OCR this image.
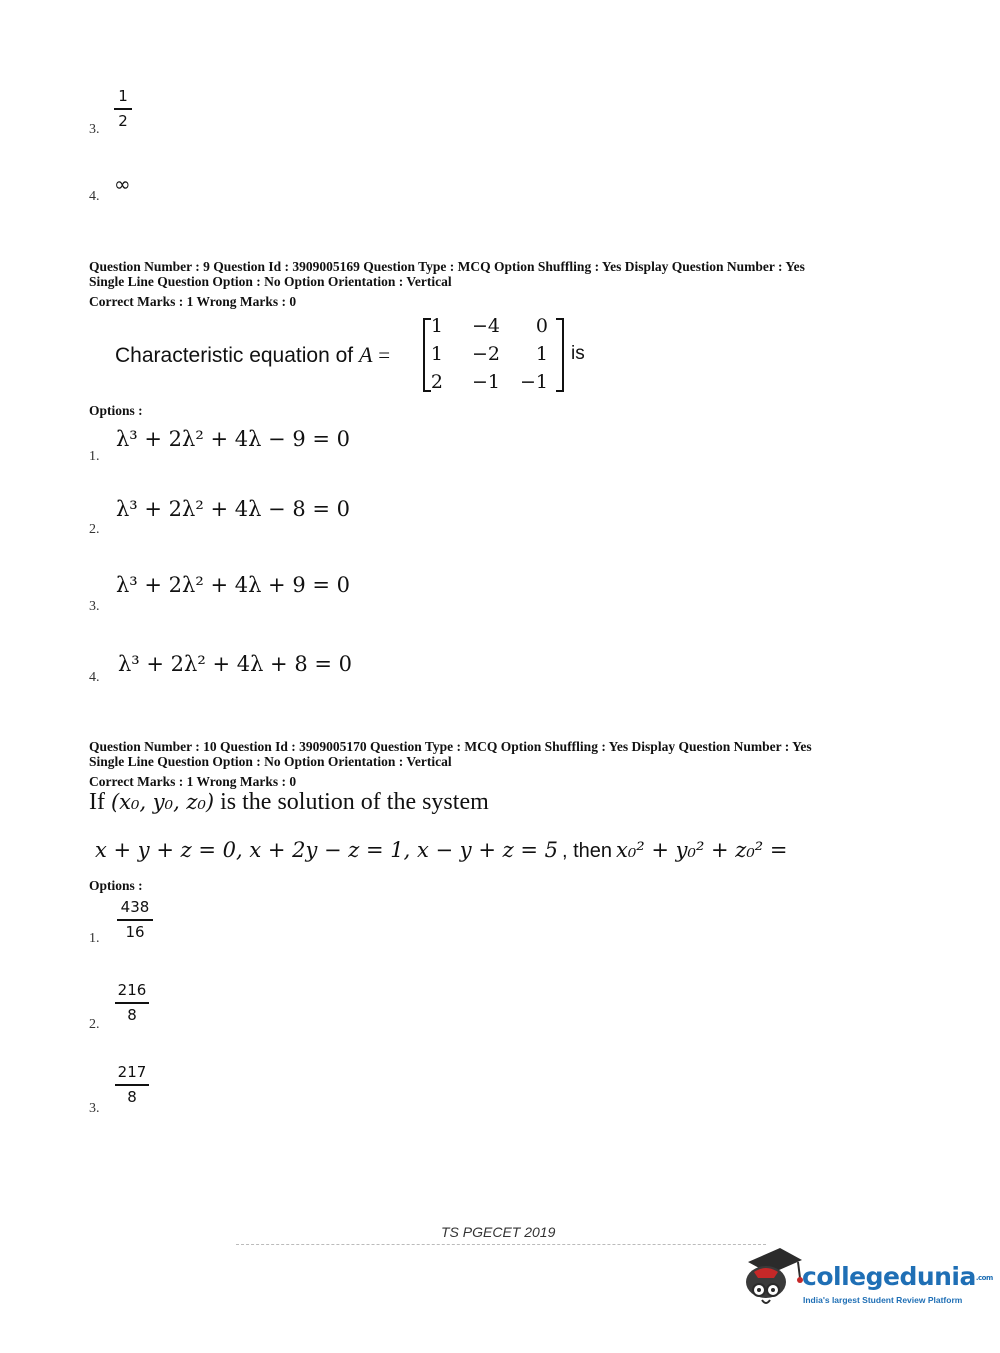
1
2
3.
∞
4.
Question Number : 9 Question Id : 3909005169 Question Type : MCQ Option Shuffling : Yes Display Question Number : Yes
Single Line Question Option : No Option Orientation : Vertical
Correct Marks : 1 Wrong Marks : 0
Characteristic equation of A =
1	−4	0
1	−2	1
2	−1	−1
is
Options :
λ³ + 2λ² + 4λ − 9 = 0
1.
λ³ + 2λ² + 4λ − 8 = 0
2.
λ³ + 2λ² + 4λ + 9 = 0
3.
λ³ + 2λ² + 4λ + 8 = 0
4.
Question Number : 10 Question Id : 3909005170 Question Type : MCQ Option Shuffling : Yes Display Question Number : Yes
Single Line Question Option : No Option Orientation : Vertical
Correct Marks : 1 Wrong Marks : 0
If (x₀, y₀, z₀) is the solution of the system
x + y + z = 0, x + 2y − z = 1, x − y + z = 5 , then x₀² + y₀² + z₀² =
Options :
438
16
1.
216
8
2.
217
8
3.
TS PGECET 2019
collegedunia.com
India's largest Student Review Platform
